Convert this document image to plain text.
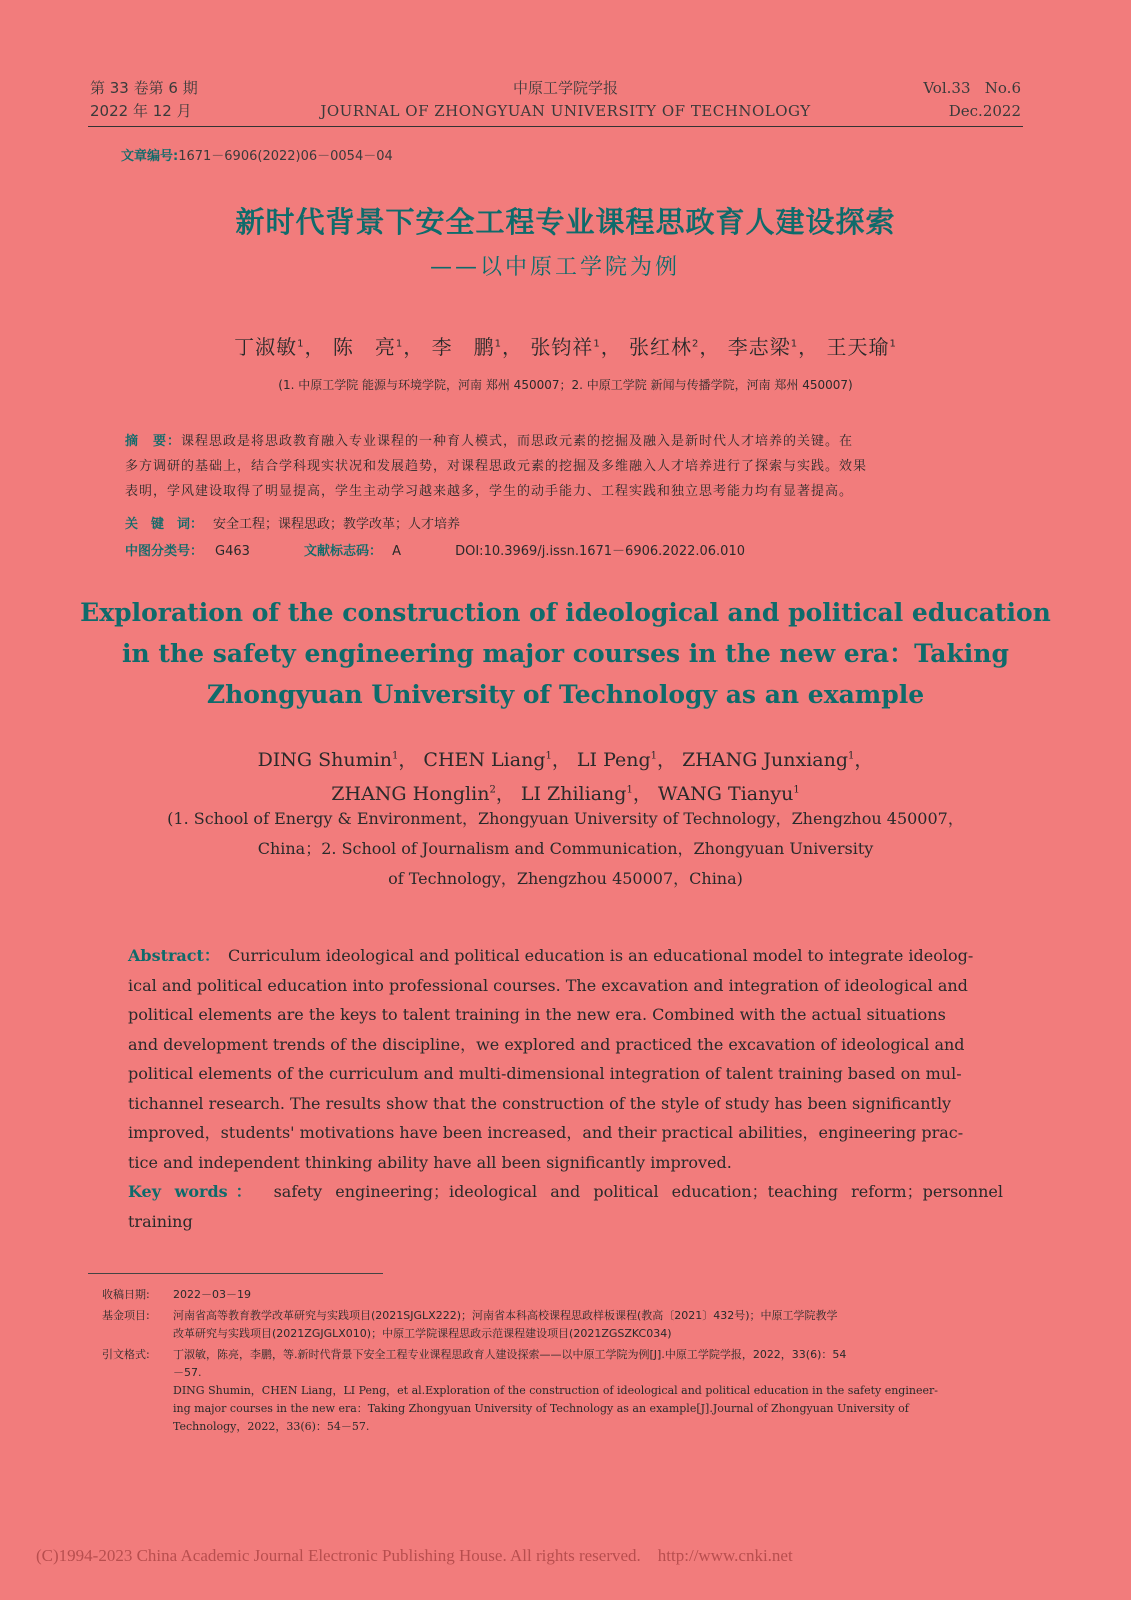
第 33 卷第 6 期
2022 年 12 月
中原工学院学报
JOURNAL OF ZHONGYUAN UNIVERSITY OF TECHNOLOGY
Vol.33   No.6
Dec.2022
文章编号:1671－6906(2022)06－0054－04
新时代背景下安全工程专业课程思政育人建设探索
——以中原工学院为例
丁淑敏$^1$， 陈　亮$^1$， 李　鹏$^1$， 张钧祥$^1$， 张红林$^2$， 李志梁$^1$， 王天瑜$^1$
(1. 中原工学院 能源与环境学院，河南 郑州 450007；2. 中原工学院 新闻与传播学院，河南 郑州 450007)
摘　要：课程思政是将思政教育融入专业课程的一种育人模式，而思政元素的挖掘及融入是新时代人才培养的关键。在
多方调研的基础上，结合学科现实状况和发展趋势，对课程思政元素的挖掘及多维融入人才培养进行了探索与实践。效果
表明，学风建设取得了明显提高，学生主动学习越来越多，学生的动手能力、工程实践和独立思考能力均有显著提高。
关　键　词： 安全工程；课程思政；教学改革；人才培养
中图分类号： G463	文献标志码： A	DOI:10.3969/j.issn.1671－6906.2022.06.010
Exploration of the construction of ideological and political education
in the safety engineering major courses in the new era：Taking
Zhongyuan University of Technology as an example
DING Shumin$^1$， CHEN Liang$^1$， LI Peng$^1$， ZHANG Junxiang$^1$，
ZHANG Honglin$^2$， LI Zhiliang$^1$， WANG Tianyu$^1$
(1. School of Energy & Environment，Zhongyuan University of Technology，Zhengzhou 450007，
China；2. School of Journalism and Communication，Zhongyuan University
of Technology，Zhengzhou 450007，China)
Abstract： Curriculum ideological and political education is an educational model to integrate ideolog-
ical and political education into professional courses. The excavation and integration of ideological and
political elements are the keys to talent training in the new era. Combined with the actual situations
and development trends of the discipline，we explored and practiced the excavation of ideological and
political elements of the curriculum and multi-dimensional integration of talent training based on mul-
tichannel research. The results show that the construction of the style of study has been significantly
improved，students' motivations have been increased，and their practical abilities，engineering prac-
tice and independent thinking ability have all been significantly improved.
Key words： safety engineering；ideological and political education；teaching reform；personnel training
收稿日期: 2022－03－19
基金项目: 河南省高等教育教学改革研究与实践项目(2021SJGLX222)；河南省本科高校课程思政样板课程(教高〔2021〕432号)；中原工学院教学
改革研究与实践项目(2021ZGJGLX010)；中原工学院课程思政示范课程建设项目(2021ZGSZKC034)
引文格式: 丁淑敏，陈亮，李鹏，等.新时代背景下安全工程专业课程思政育人建设探索——以中原工学院为例[J].中原工学院学报，2022，33(6)：54
－57.
DING Shumin，CHEN Liang，LI Peng，et al.Exploration of the construction of ideological and political education in the safety engineer-
ing major courses in the new era：Taking Zhongyuan University of Technology as an example[J].Journal of Zhongyuan University of
Technology，2022，33(6)：54－57.
(C)1994-2023 China Academic Journal Electronic Publishing House. All rights reserved.    http://www.cnki.net
